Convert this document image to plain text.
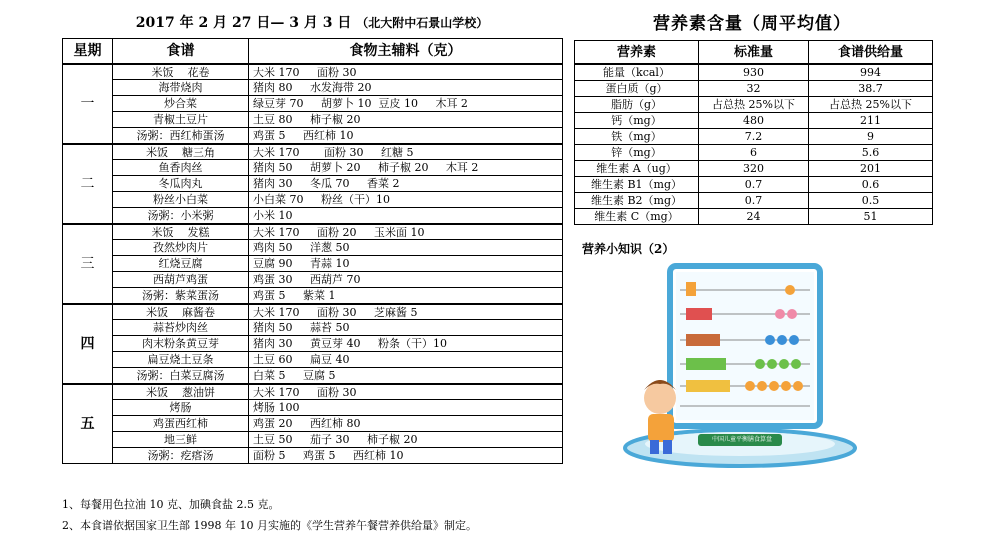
2017 年 2 月 27 日— 3 月 3 日 （北大附中石景山学校）	营养素含量（周平均值）
星期	食谱	食物主辅料（克）
一	米饭    花卷	大米 170     面粉 30
	海带烧肉	猪肉 80     水发海带 20
	炒合菜	绿豆芽 70     胡萝卜 10  豆皮 10     木耳 2
	青椒土豆片	土豆 80     柿子椒 20
	汤粥：西红柿蛋汤	鸡蛋 5     西红柿 10
二	米饭    糖三角	大米 170       面粉 30     红糖 5
	鱼香肉丝	猪肉 50     胡萝卜 20     柿子椒 20     木耳 2
	冬瓜肉丸	猪肉 30     冬瓜 70     香菜 2
	粉丝小白菜	小白菜 70     粉丝（干）10
	汤粥：小米粥	小米 10
三	米饭    发糕	大米 170     面粉 20     玉米面 10
	孜然炒肉片	鸡肉 50     洋葱 50
	红烧豆腐	豆腐 90     青蒜 10
	西葫芦鸡蛋	鸡蛋 30     西葫芦 70
	汤粥：紫菜蛋汤	鸡蛋 5     紫菜 1
四	米饭    麻酱卷	大米 170     面粉 30     芝麻酱 5
	蒜苔炒肉丝	猪肉 50     蒜苔 50
	肉末粉条黄豆芽	猪肉 30     黄豆芽 40     粉条（干）10
	扁豆烧土豆条	土豆 60     扁豆 40
	汤粥：白菜豆腐汤	白菜 5     豆腐 5
五	米饭    葱油饼	大米 170     面粉 30
	烤肠	烤肠 100
	鸡蛋西红柿	鸡蛋 20     西红柿 80
	地三鲜	土豆 50     茄子 30     柿子椒 20
	汤粥：疙瘩汤	面粉 5     鸡蛋 5     西红柿 10
营养素	标准量	食谱供给量
能量（kcal）	930	994
蛋白质（g）	32	38.7
脂肪（g）	占总热 25%以下	占总热 25%以下
钙（mg）	480	211
铁（mg）	7.2	9
锌（mg）	6	5.6
维生素 A（ug）	320	201
维生素 B1（mg）	0.7	0.6
维生素 B2（mg）	0.7	0.5
维生素 C（mg）	24	51
营养小知识（2）
中国儿童平衡膳食算盘
1、每餐用色拉油 10 克、加碘食盐 2.5 克。
2、本食谱依据国家卫生部 1998 年 10 月实施的《学生营养午餐营养供给量》制定。
